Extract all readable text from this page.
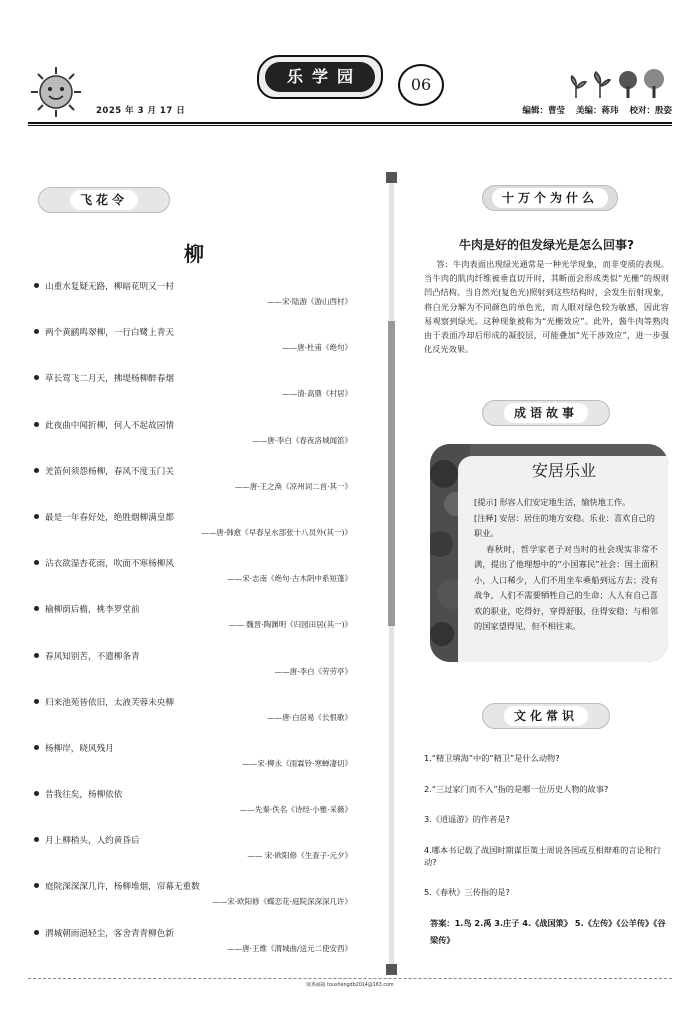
2025 年 3 月 17 日
乐学园	06
编辑：曹莹 美编：蒋玮 校对：殷姿
飞花令
柳
山重水复疑无路，柳暗花明又一村
——宋·陆游《游山西村》
两个黄鹂鸣翠柳，一行白鹭上青天
——唐·杜甫《绝句》
草长莺飞二月天，拂堤杨柳醉春烟
——清·高鼎《村居》
此夜曲中闻折柳，何人不起故园情
——唐·李白《春夜洛城闻笛》
羌笛何须怨杨柳，春风不度玉门关
——唐·王之涣《凉州词二首·其一》
最是一年春好处，绝胜烟柳满皇都
——唐·韩愈《早春呈水部张十八员外(其一)》
沾衣欲湿杏花雨，吹面不寒杨柳风
——宋·志南《绝句·古木阴中系短蓬》
榆柳荫后檐，桃李罗堂前
—— 魏晋·陶渊明《归园田居(其一)》
春风知别苦，不遣柳条青
——唐·李白《劳劳亭》
归来池苑皆依旧，太液芙蓉未央柳
——唐·白居易《长恨歌》
杨柳岸，晓风残月
——宋·柳永《雨霖铃·寒蝉凄切》
昔我往矣，杨柳依依
——先秦·佚名《诗经·小雅·采薇》
月上柳梢头，人约黄昏后
—— 宋·欧阳修《生查子·元夕》
庭院深深深几许，杨柳堆烟，帘幕无重数
——宋·欧阳修《蝶恋花·庭院深深深几许》
渭城朝雨浥轻尘，客舍青青柳色新
——唐·王维《渭城曲/送元二使安西》
十万个为什么
牛肉是好的但发绿光是怎么回事?
答：牛肉表面出现绿光通常是一种光学现象，而非变质的表现。当牛肉的肌肉纤维被垂直切开时，其断面会形成类似“光栅”的规则凹凸结构。当自然光(复色光)照射到这些结构时，会发生衍射现象，将白光分解为不同颜色的单色光，而人眼对绿色较为敏感，因此容易观察到绿光。这种现象被称为“光栅效应”。此外，酱牛肉等熟肉由于表面冷却后形成的凝胶层，可能叠加“光干涉效应”，进一步强化反光效果。
成语故事
安居乐业

[提示] 形容人们安定地生活，愉快地工作。

[注释] 安居：居住的地方安稳。乐业：喜欢自己的职业。

春秋时，哲学家老子对当时的社会现实非常不满，提出了他理想中的“小国寡民”社会：国土面积小，人口稀少，人们不用坐车乘船到远方去；没有战争，人们不需要牺牲自己的生命；人人有自己喜欢的职业，吃得好，穿得舒服，住得安稳；与相邻的国家望得见，但不相往来。

文化常识
1.“精卫填海”中的“精卫”是什么动物?
2.“三过家门而不入”指的是哪一位历史人物的故事?
3.《逍遥游》的作者是?
4.哪本书记载了战国时期谋臣策士周说各国或互相辩难的言论和行动?
5.《春秋》三传指的是?
答案：1.鸟 2.禹 3.庄子 4.《战国策》 5.《左传》《公羊传》《谷梁传》
联系邮箱 toushengdb2014@163.com
